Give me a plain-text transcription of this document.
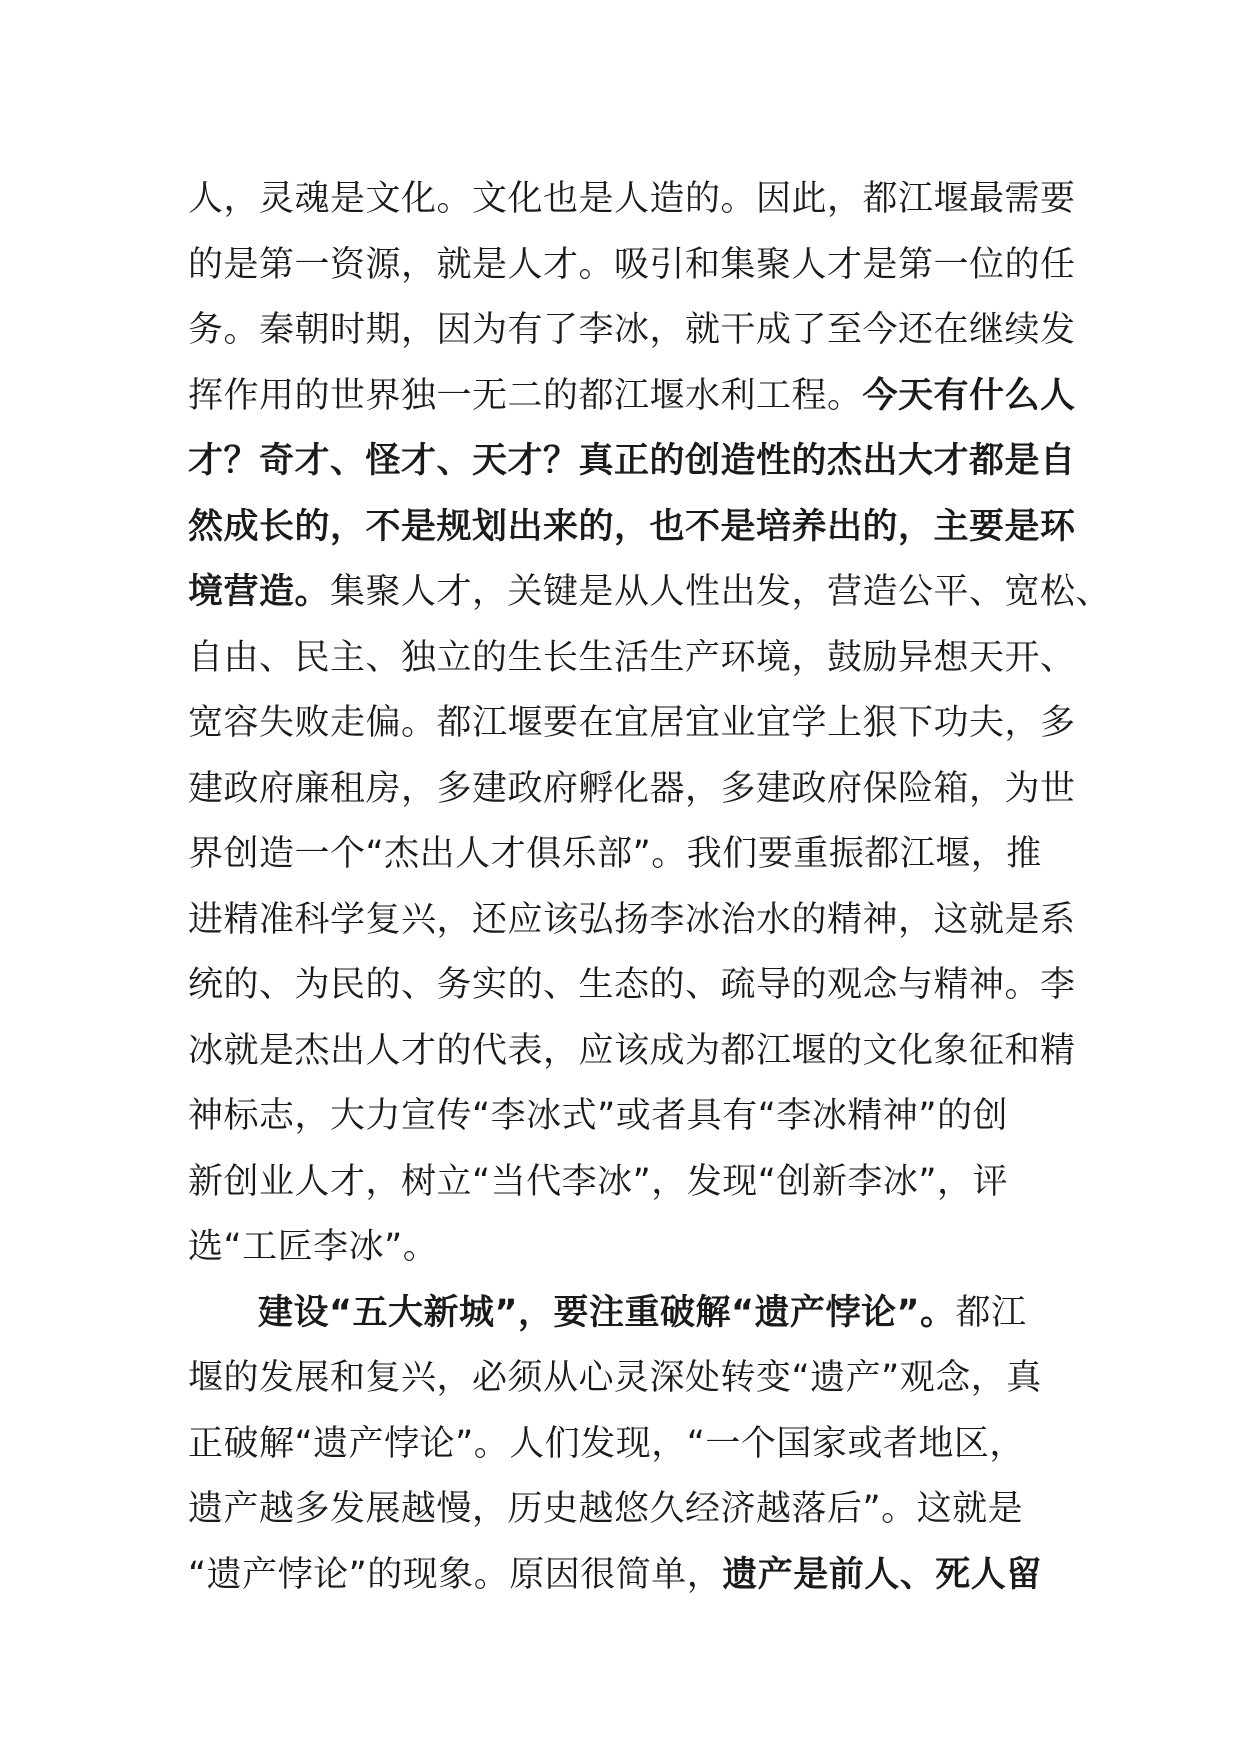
人，灵魂是文化。文化也是人造的。因此，都江堰最需要
的是第一资源，就是人才。吸引和集聚人才是第一位的任
务。秦朝时期，因为有了李冰，就干成了至今还在继续发
挥作用的世界独一无二的都江堰水利工程。今天有什么人
才？奇才、怪才、天才？真正的创造性的杰出大才都是自
然成长的，不是规划出来的，也不是培养出的，主要是环
境营造。集聚人才，关键是从人性出发，营造公平、宽松、
自由、民主、独立的生长生活生产环境，鼓励异想天开、
宽容失败走偏。都江堰要在宜居宜业宜学上狠下功夫，多
建政府廉租房，多建政府孵化器，多建政府保险箱，为世
界创造一个“杰出人才俱乐部”。我们要重振都江堰，推
进精准科学复兴，还应该弘扬李冰治水的精神，这就是系
统的、为民的、务实的、生态的、疏导的观念与精神。李
冰就是杰出人才的代表，应该成为都江堰的文化象征和精
神标志，大力宣传“李冰式”或者具有“李冰精神”的创
新创业人才，树立“当代李冰”，发现“创新李冰”，评
选“工匠李冰”。
建设“五大新城”，要注重破解“遗产悖论”。都江
堰的发展和复兴，必须从心灵深处转变“遗产”观念，真
正破解“遗产悖论”。人们发现，“一个国家或者地区，
遗产越多发展越慢，历史越悠久经济越落后”。这就是
“遗产悖论”的现象。原因很简单，遗产是前人、死人留
